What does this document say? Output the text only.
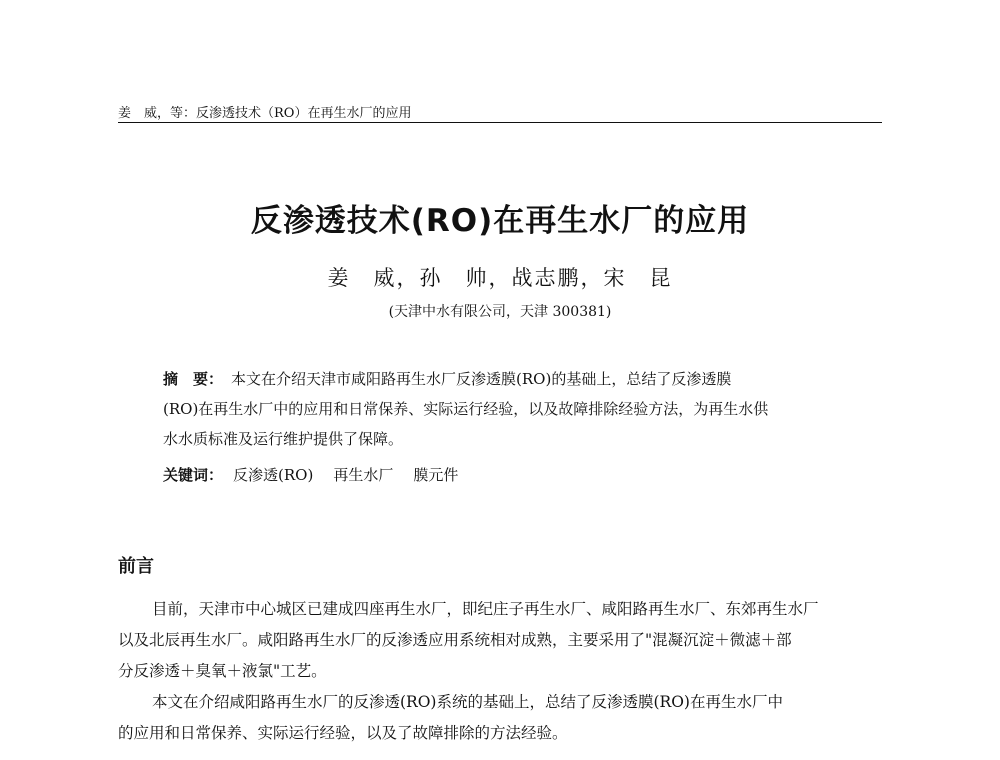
姜　威，等：反渗透技术（RO）在再生水厂的应用
反渗透技术(RO)在再生水厂的应用
姜　威，孙　帅，战志鹏，宋　昆
(天津中水有限公司，天津 300381)
摘　要： 本文在介绍天津市咸阳路再生水厂反渗透膜(RO)的基础上，总结了反渗透膜
(RO)在再生水厂中的应用和日常保养、实际运行经验，以及故障排除经验方法，为再生水供
水水质标准及运行维护提供了保障。
关键词： 反渗透(RO) 再生水厂 膜元件
前言
目前，天津市中心城区已建成四座再生水厂，即纪庄子再生水厂、咸阳路再生水厂、东郊再生水厂
以及北辰再生水厂。咸阳路再生水厂的反渗透应用系统相对成熟，主要采用了"混凝沉淀＋微滤＋部
分反渗透＋臭氧＋液氯"工艺。
本文在介绍咸阳路再生水厂的反渗透(RO)系统的基础上，总结了反渗透膜(RO)在再生水厂中
的应用和日常保养、实际运行经验，以及了故障排除的方法经验。
